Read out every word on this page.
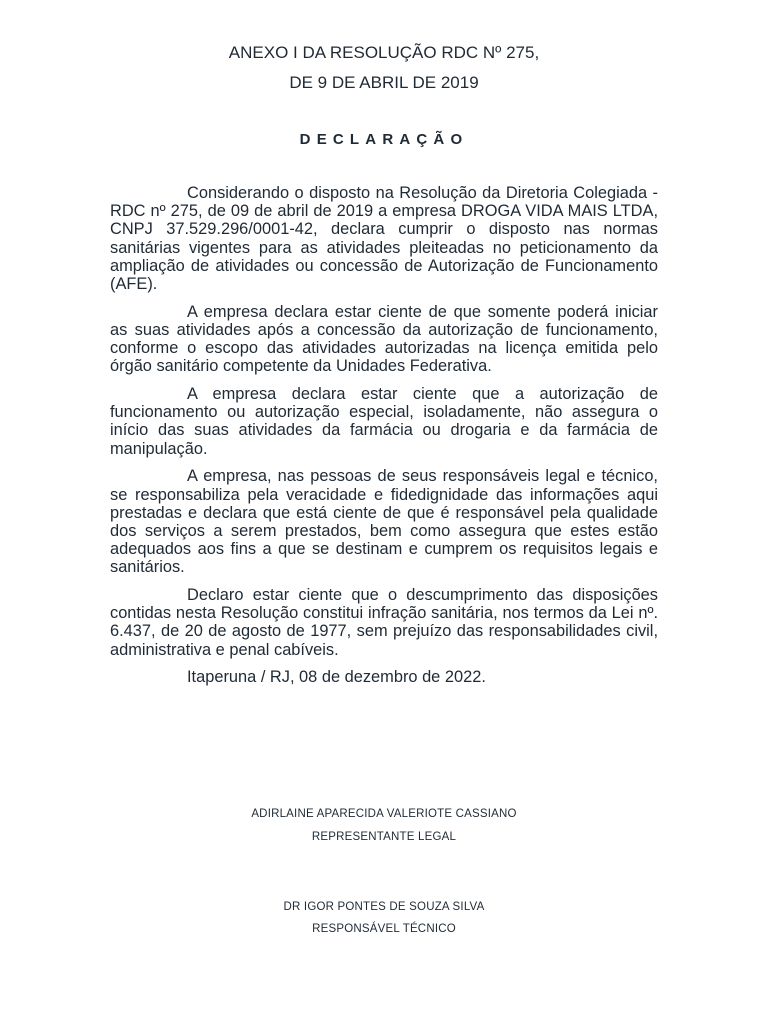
ANEXO I DA RESOLUÇÃO RDC Nº 275,
DE 9 DE ABRIL DE 2019
DECLARAÇÃO

Considerando o disposto na Resolução da Diretoria Colegiada - RDC nº 275, de 09 de abril de 2019 a empresa DROGA VIDA MAIS LTDA, CNPJ 37.529.296/0001-42, declara cumprir o disposto nas normas sanitárias vigentes para as atividades pleiteadas no peticionamento da ampliação de atividades ou concessão de Autorização de Funcionamento (AFE).

A empresa declara estar ciente de que somente poderá iniciar as suas atividades após a concessão da autorização de funcionamento, conforme o escopo das atividades autorizadas na licença emitida pelo órgão sanitário competente da Unidades Federativa.

A empresa declara estar ciente que a autorização de funcionamento ou autorização especial, isoladamente, não assegura o início das suas atividades da farmácia ou drogaria e da farmácia de manipulação.

A empresa, nas pessoas de seus responsáveis legal e técnico, se responsabiliza pela veracidade e fidedignidade das informações aqui prestadas e declara que está ciente de que é responsável pela qualidade dos serviços a serem prestados, bem como assegura que estes estão adequados aos fins a que se destinam e cumprem os requisitos legais e sanitários.

Declaro estar ciente que o descumprimento das disposições contidas nesta Resolução constitui infração sanitária, nos termos da Lei nº. 6.437, de 20 de agosto de 1977, sem prejuízo das responsabilidades civil, administrativa e penal cabíveis.

Itaperuna / RJ, 08 de dezembro de 2022.

ADIRLAINE APARECIDA VALERIOTE CASSIANO
REPRESENTANTE LEGAL
DR IGOR PONTES DE SOUZA SILVA
RESPONSÁVEL TÉCNICO
